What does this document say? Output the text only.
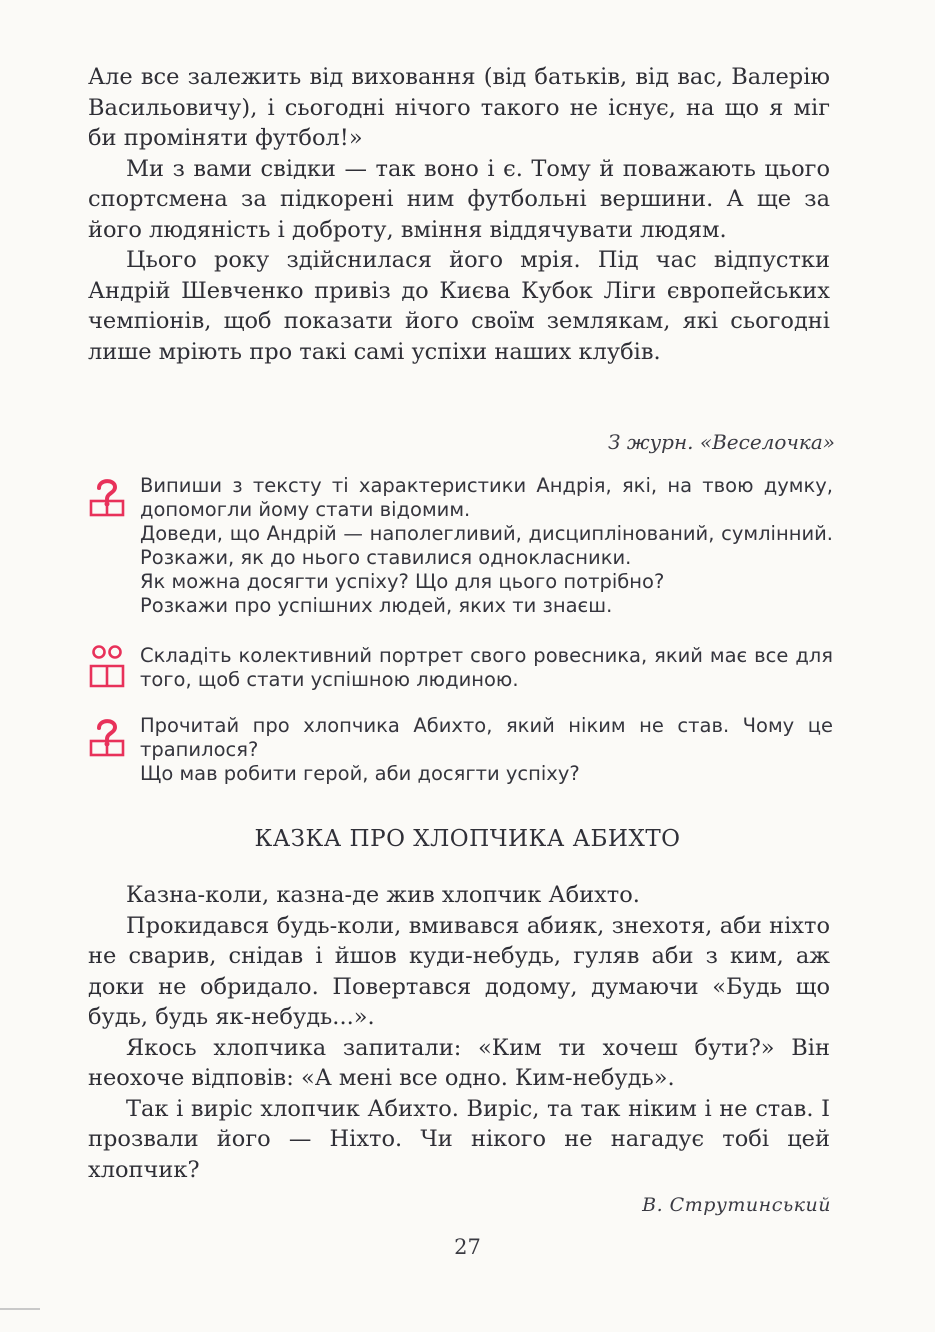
Але все залежить від виховання (від батьків, від вас, Валерію Васильовичу), і сьогодні нічого такого не існує, на що я міг би проміняти футбол!»

Ми з вами свідки — так воно і є. Тому й поважають цього спортсмена за підкорені ним футбольні вершини. А ще за його людяність і доброту, вміння віддячувати людям.

Цього року здійснилася його мрія. Під час відпустки Андрій Шевченко привіз до Києва Кубок Ліги європейських чемпіонів, щоб показати його своїм землякам, які сьогодні лише мріють про такі самі успіхи наших клубів.

З журн. «Веселочка»

Випиши з тексту ті характеристики Андрія, які, на твою думку, допомогли йому стати відомим.

Доведи, що Андрій — наполегливий, дисциплінований, сумлінний. Розкажи, як до нього ставилися однокласники.

Як можна досягти успіху? Що для цього потрібно?

Розкажи про успішних людей, яких ти знаєш.

Складіть колективний портрет свого ровесника, який має все для того, щоб стати успішною людиною.

Прочитай про хлопчика Абихто, який ніким не став. Чому це трапилося?

Що мав робити герой, аби досягти успіху?

КАЗКА ПРО ХЛОПЧИКА АБИХТО

Казна-коли, казна-де жив хлопчик Абихто.

Прокидався будь-коли, вмивався абияк, знехотя, аби ніхто не сварив, снідав і йшов куди-небудь, гуляв аби з ким, аж доки не обридало. Повертався додому, думаючи «Будь що будь, будь як-небудь...».

Якось хлопчика запитали: «Ким ти хочеш бути?» Він неохоче відповів: «А мені все одно. Ким-небудь».

Так і виріс хлопчик Абихто. Виріс, та так ніким і не став. І прозвали його — Ніхто. Чи нікого не нагадує тобі цей хлопчик?

В. Струтинський
27
